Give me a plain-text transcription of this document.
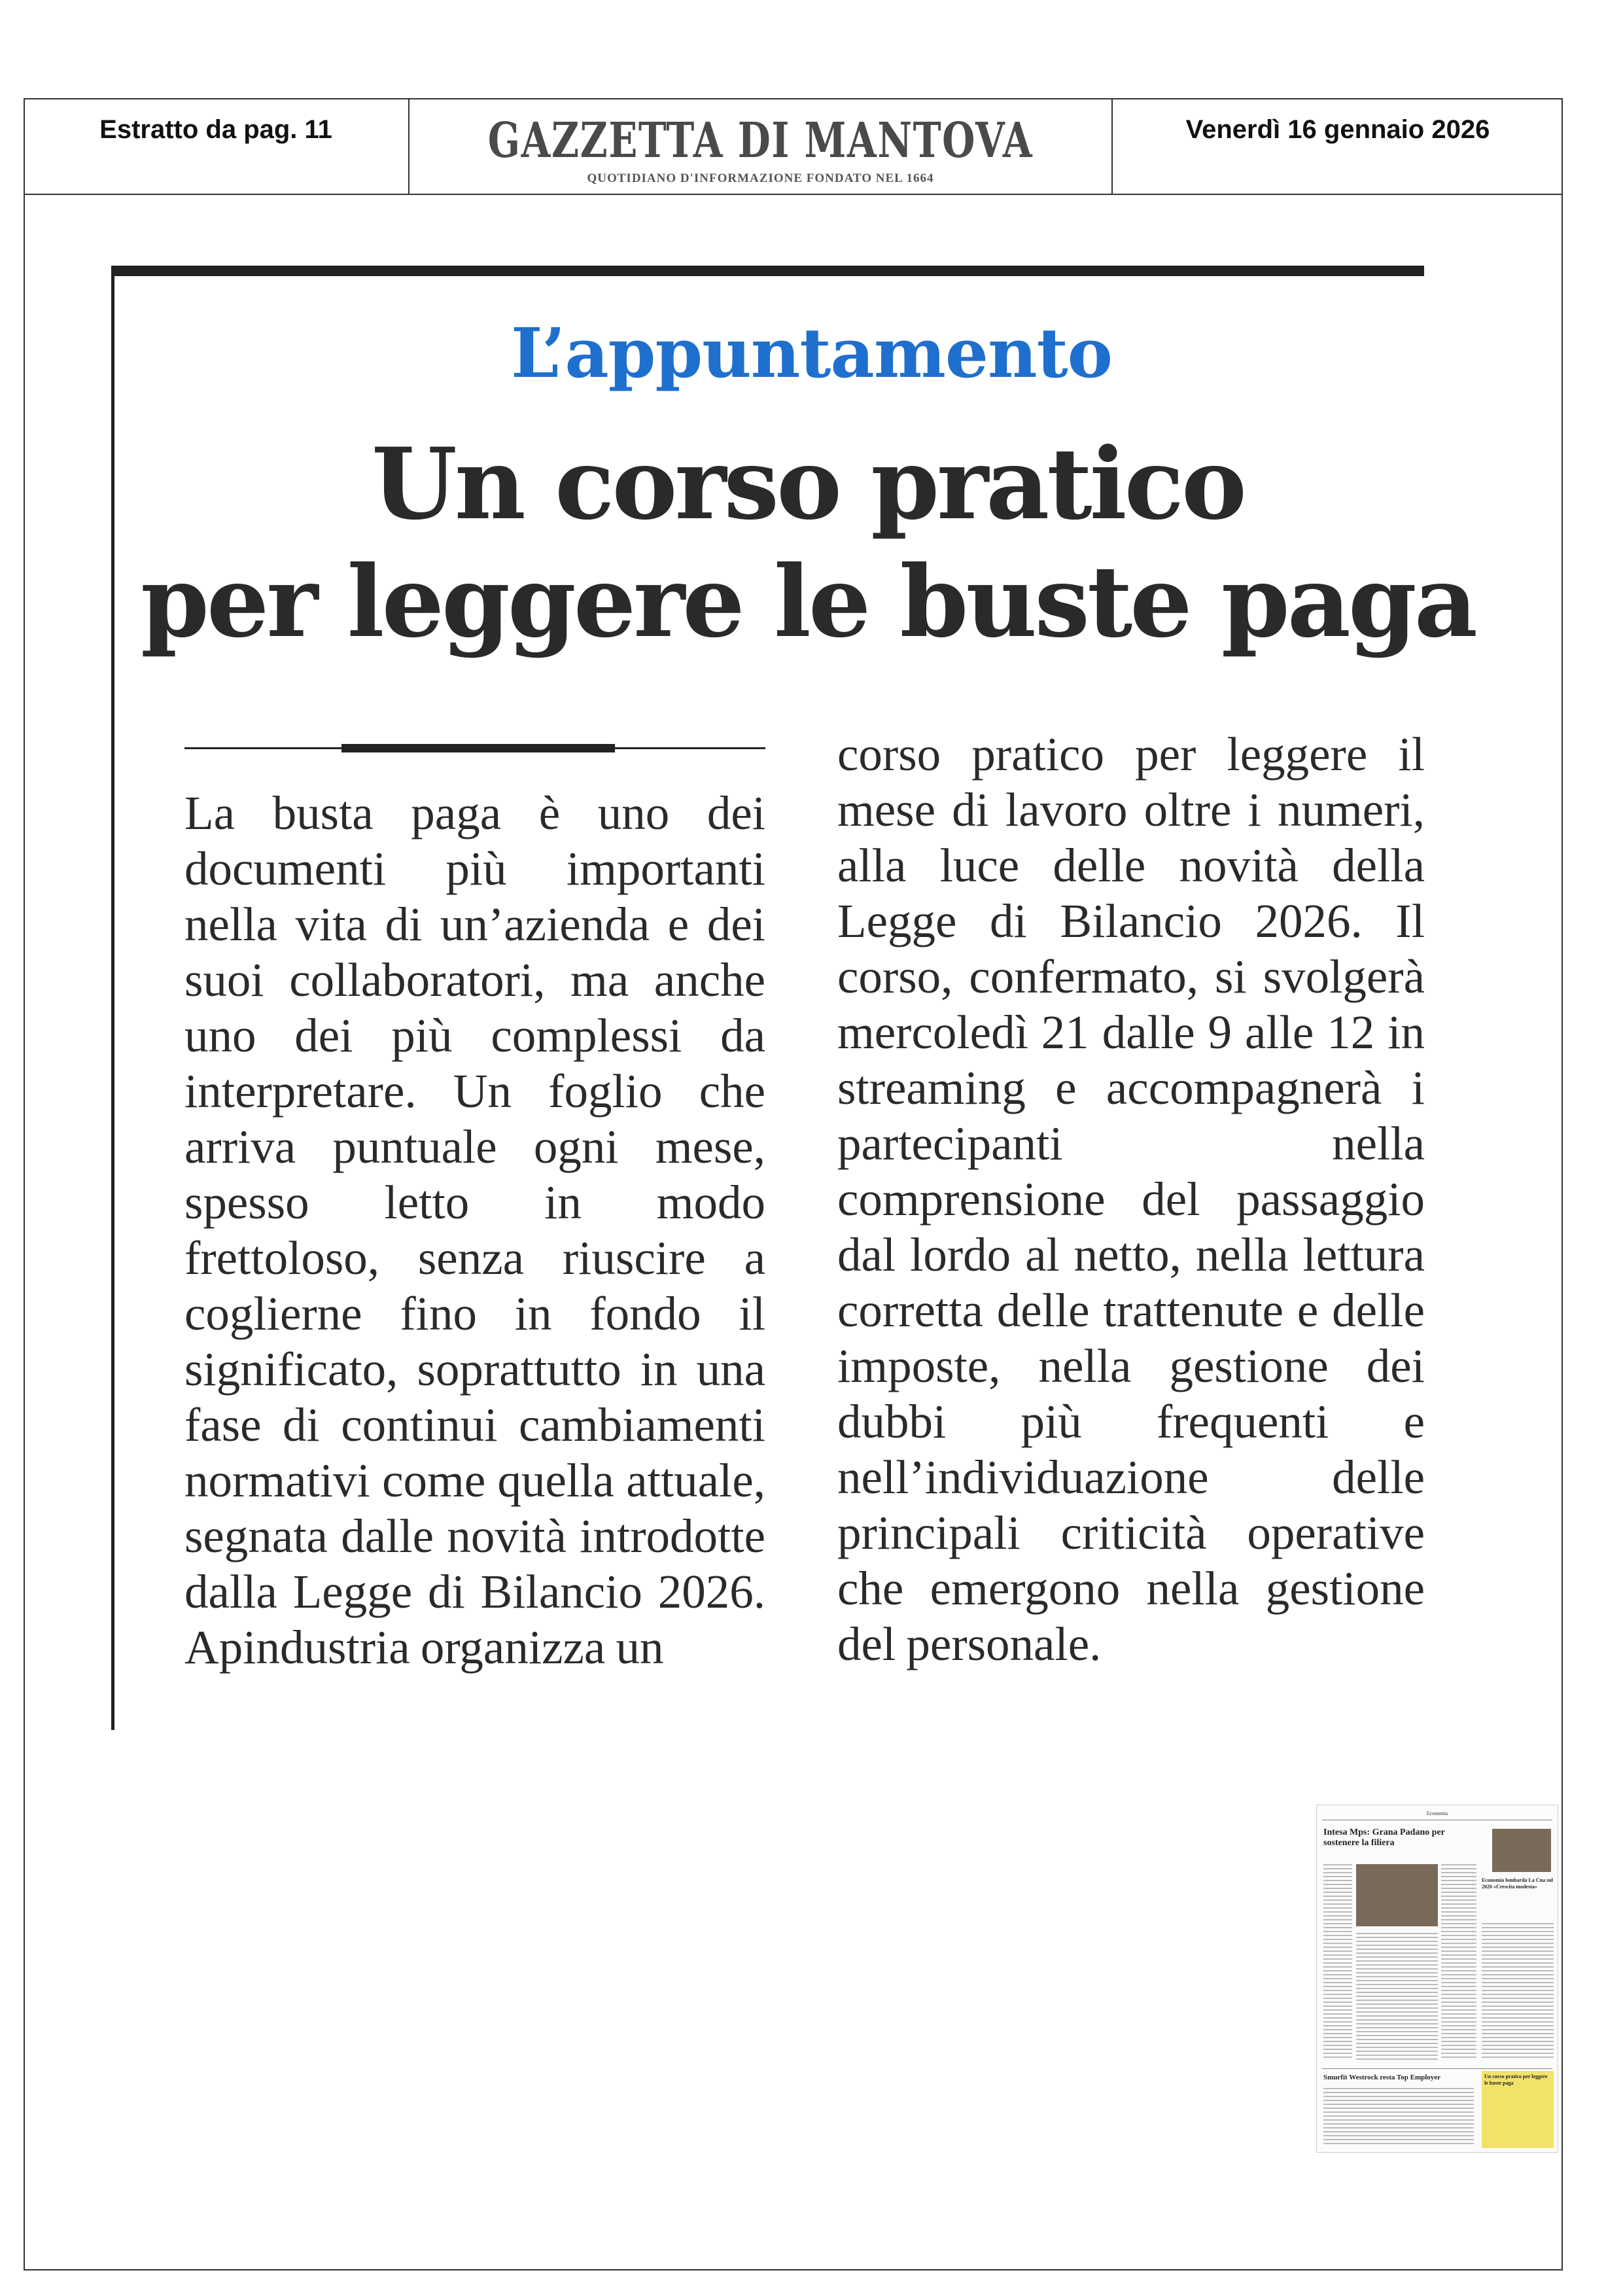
Estratto da pag. 11	GAZZETTA DI MANTOVA
QUOTIDIANO D'INFORMAZIONE FONDATO NEL 1664
Venerdì 16 gennaio 2026
L’appuntamento
Un corso pratico
per leggere le buste paga
La busta paga è uno dei documenti più importanti nella vita di un’azienda e dei suoi collaboratori, ma anche uno dei più complessi da interpretare. Un foglio che arriva puntuale ogni mese, spesso letto in modo frettoloso, senza riuscire a coglierne fino in fondo il significato, soprattutto in una fase di continui cambiamenti normativi come quella attuale, segnata dalle novità introdotte dalla Legge di Bilancio 2026. Apindustria organizza un
corso pratico per leggere il mese di lavoro oltre i numeri, alla luce delle novità della Legge di Bilancio 2026. Il corso, confermato, si svolgerà mercoledì 21 dalle 9 alle 12 in streaming e accompagnerà i partecipanti nella comprensione del passaggio dal lordo al netto, nella lettura corretta delle trattenute e delle imposte, nella gestione dei dubbi più frequenti e nell’individuazione delle principali criticità operative che emergono nella gestione del personale.
Economia
Intesa Mps: Grana Padano per sostenere la filiera
Economia lombarda La Cna sul 2026 «Crescita modesta»
Smurfit Westrock resta Top Employer	Un corso pratico per leggere le buste paga
